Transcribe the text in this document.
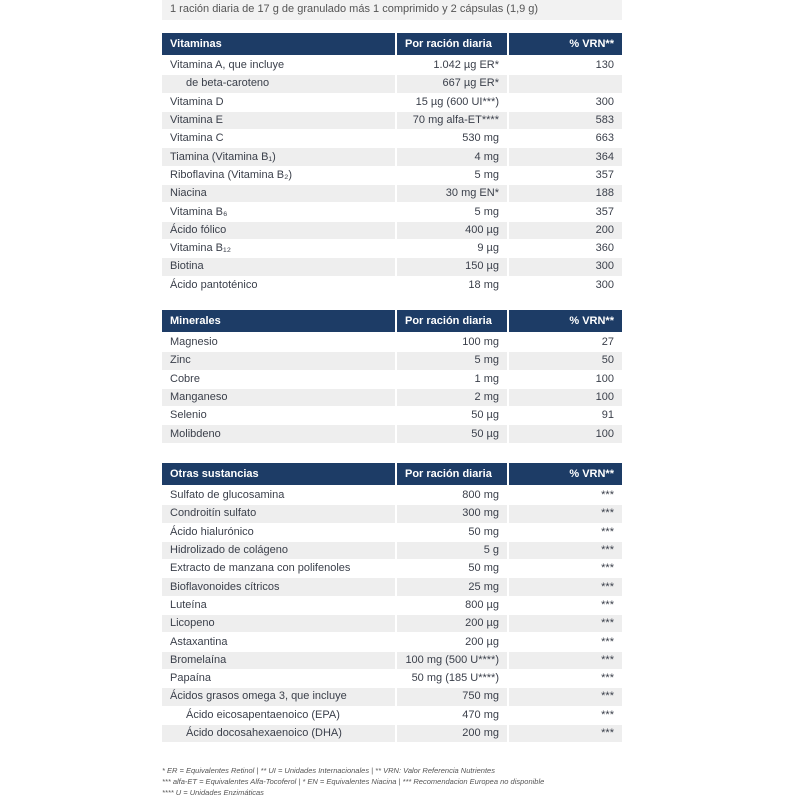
1 ración diaria de 17 g de granulado más 1 comprimido y 2 cápsulas (1,9 g)
Vitaminas	Por ración diaria	% VRN**
Vitamina A, que incluye	1.042 µg ER*	130
de beta-caroteno	667 µg ER*	
Vitamina D	15 µg (600 UI***)	300
Vitamina E	70 mg alfa-ET****	583
Vitamina C	530 mg	663
Tiamina (Vitamina B₁)	4 mg	364
Riboflavina (Vitamina B₂)	5 mg	357
Niacina	30 mg EN*	188
Vitamina B₆	5 mg	357
Ácido fólico	400 µg	200
Vitamina B₁₂	9 µg	360
Biotina	150 µg	300
Ácido pantoténico	18 mg	300
Minerales	Por ración diaria	% VRN**
Magnesio	100 mg	27
Zinc	5 mg	50
Cobre	1 mg	100
Manganeso	2 mg	100
Selenio	50 µg	91
Molibdeno	50 µg	100
Otras sustancias	Por ración diaria	% VRN**
Sulfato de glucosamina	800 mg	***
Condroitín sulfato	300 mg	***
Ácido hialurónico	50 mg	***
Hidrolizado de colágeno	5 g	***
Extracto de manzana con polifenoles	50 mg	***
Bioflavonoides cítricos	25 mg	***
Luteína	800 µg	***
Licopeno	200 µg	***
Astaxantina	200 µg	***
Bromelaína	100 mg (500 U****)	***
Papaína	50 mg (185 U****)	***
Ácidos grasos omega 3, que incluye	750 mg	***
Ácido eicosapentaenoico (EPA)	470 mg	***
Ácido docosahexaenoico (DHA)	200 mg	***
* ER = Equivalentes Retinol | ** UI = Unidades Internacionales | ** VRN: Valor Referencia Nutrientes
*** alfa-ET = Equivalentes Alfa-Tocoferol | * EN = Equivalentes Niacina | *** Recomendacion Europea no disponible
**** U = Unidades Enzimáticas
